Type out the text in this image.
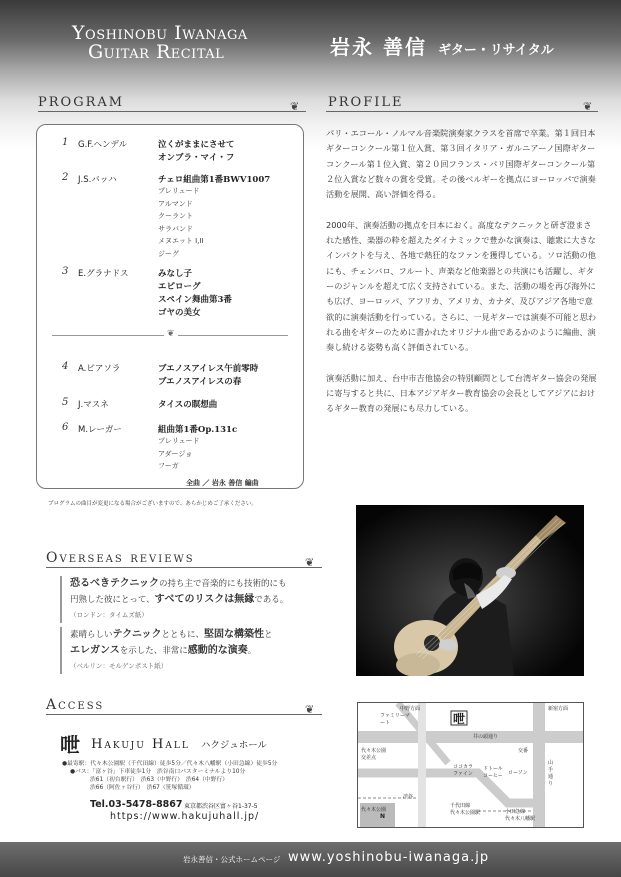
Yoshinobu Iwanaga
Guitar Recital	岩永 善信 ギター・リサイタル
PROGRAM	❦ PROFILE	❦
1 G.F.ヘンデル	泣くがままにさせて
オンブラ・マイ・フ
2 J.S.バッハ	チェロ組曲第1番BWV1007
プレリュード
アルマンド
クーラント
サラバンド
メヌエット I,II
ジーグ
3 E.グラナドス	みなし子
エピローグ
スペイン舞曲第3番
ゴヤの美女
4 A.ピアソラ	ブエノスアイレス午前零時
ブエノスアイレスの春
5 J.マスネ	タイスの瞑想曲
6 M.レーガー	組曲第1番Op.131c
プレリュード
アダージョ
フーガ
❦
全曲 ／ 岩永 善信 編曲
プログラムの曲目が変更になる場合がございますので、あらかじめご了承ください。

パリ・エコール・ノルマル音楽院演奏家クラスを首席で卒業。第１回日本ギターコンクール第１位入賞、第３回イタリア・ガルニアーノ国際ギターコンクール第１位入賞、第２０回フランス・パリ国際ギターコンクール第２位入賞など数々の賞を受賞。その後ベルギーを拠点にヨーロッパで演奏活動を展開、高い評価を得る。

2000年、演奏活動の拠点を日本におく。高度なテクニックと研ぎ澄まされた感性、楽器の粋を超えたダイナミックで豊かな演奏は、聴衆に大きなインパクトを与え、各地で熱狂的なファンを獲得している。ソロ活動の他にも、チェンバロ、フルート、声楽など他楽器との共演にも活躍し、ギターのジャンルを超えて広く支持されている。また、活動の場を再び海外にも広げ、ヨーロッパ、アフリカ、アメリカ、カナダ、及びアジア各地で意欲的に演奏活動を行っている。さらに、一見ギターでは演奏不可能と思われる曲をギターのために書かれたオリジナル曲であるかのように編曲、演奏し続ける姿勢も高く評価されている。

演奏活動に加え、台中市吉他協会の特別顧問として台湾ギター協会の発展に寄与すると共に、日本アジアギター教育協会の会長としてアジアにおけるギター教育の発展にも尽力している。

Overseas reviews	❦
恐るべきテクニックの持ち主で音楽的にも技術的にも
円熟した彼にとって、すべてのリスクは無縁である。
（ロンドン：タイムズ紙）
素晴らしいテクニックとともに、堅固な構築性と
エレガンスを示した、非常に感動的な演奏。
（ベルリン：モルゲンポスト紙）
Access	❦
呭 Hakuju Hall ハクジュホール
●最寄駅：代々木公園駅（千代田線）徒歩5分／代々木八幡駅（小田急線）徒歩5分
●バス：「富ヶ谷」下車徒歩1分　渋谷南口バスターミナルより10分
渋61（初台駅行）　渋63（中野行）　渋64（中野行）
渋66（阿佐ヶ谷行）　渋67（笹塚循環）
Tel.03-5478-8867 東京都渋谷区富ヶ谷1-37-5
https://www.hakujuhall.jp/
呭
ファミリーマート
山手通り
井の頭通り
代々木公園
交差点
ココカラファイン
ドトールコーヒー	ローソン
交番
代々木公園
渋谷
代々木公園駅
千代田線
代々木八幡駅
小田急線
N
中野方面	新宿方面
岩永善信・公式ホームページ www.yoshinobu-iwanaga.jp
